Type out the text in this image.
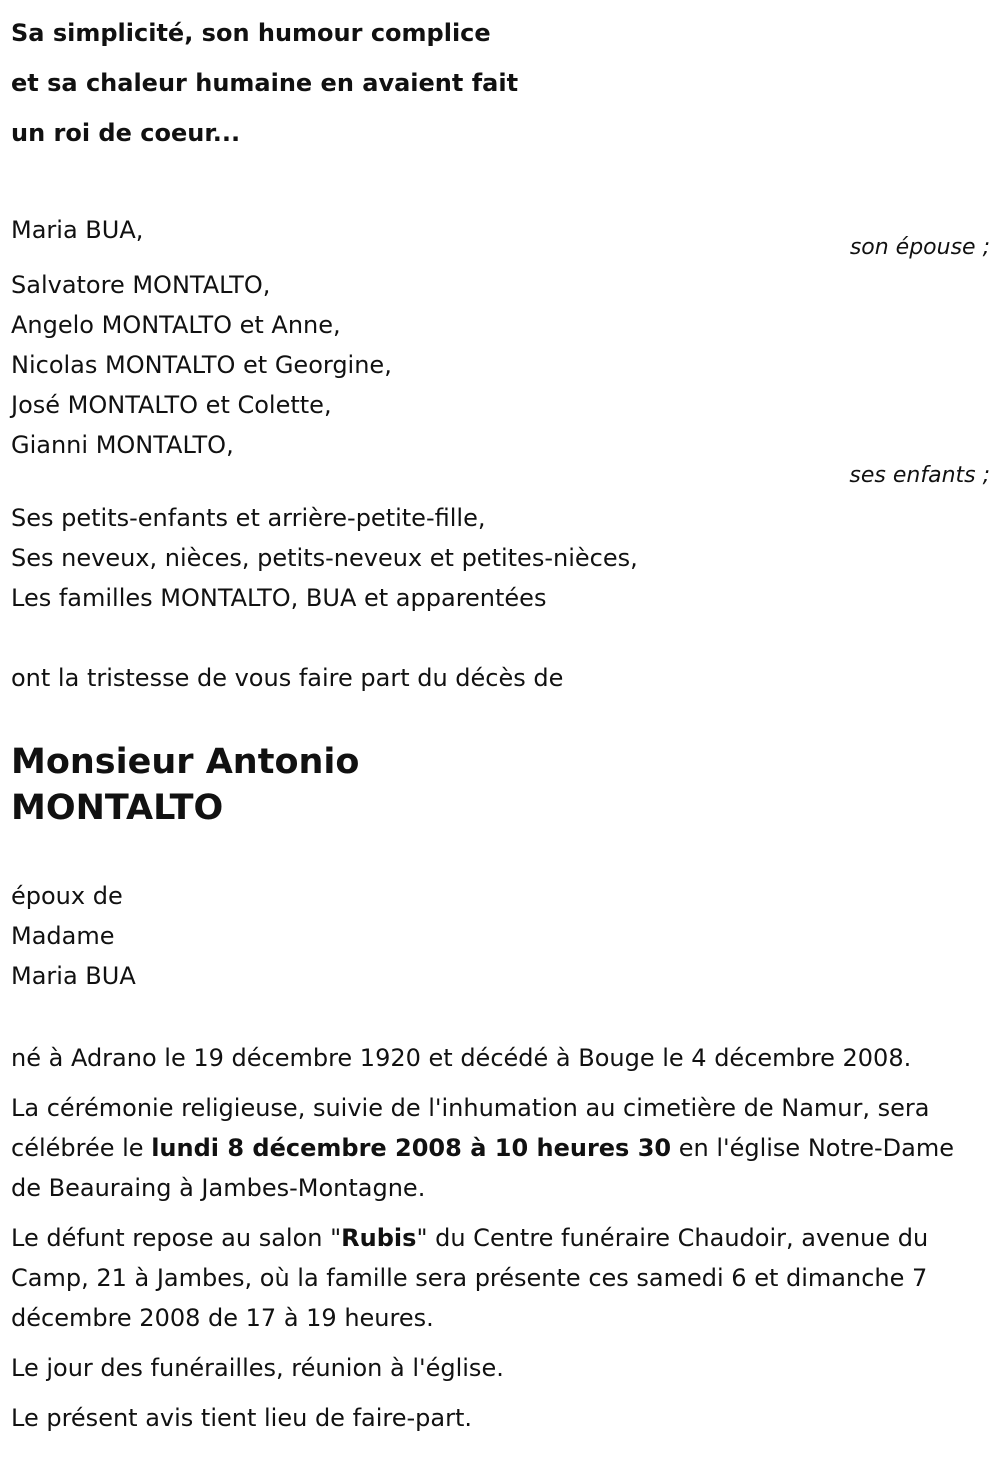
Sa simplicité, son humour complice

et sa chaleur humaine en avaient fait

un roi de coeur...

Maria BUA,

son épouse ;

Salvatore MONTALTO,
Angelo MONTALTO et Anne,
Nicolas MONTALTO et Georgine,
José MONTALTO et Colette,
Gianni MONTALTO,

ses enfants ;

Ses petits-enfants et arrière-petite-fille,
Ses neveux, nièces, petits-neveux et petites-nièces,
Les familles MONTALTO, BUA et apparentées

ont la tristesse de vous faire part du décès de

Monsieur Antonio
MONTALTO
époux de
Madame
Maria BUA

né à Adrano le 19 décembre 1920 et décédé à Bouge le 4 décembre 2008.

La cérémonie religieuse, suivie de l'inhumation au cimetière de Namur, sera célébrée le lundi 8 décembre 2008 à 10 heures 30 en l'église Notre-Dame de Beauraing à Jambes-Montagne.

Le défunt repose au salon "Rubis" du Centre funéraire Chaudoir, avenue du Camp, 21 à Jambes, où la famille sera présente ces samedi 6 et dimanche 7 décembre 2008 de 17 à 19 heures.

Le jour des funérailles, réunion à l'église.

Le présent avis tient lieu de faire-part.
